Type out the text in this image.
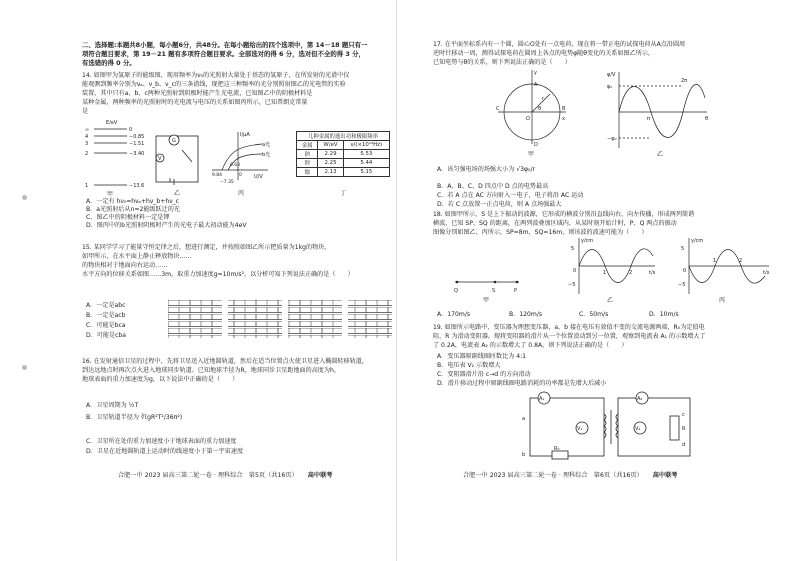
二、选择题:本题共8小题，每小题6分，共48分。在每小题给出的四个选项中，第 14－18 题只有一
项符合题目要求，第 19－21 题有多项符合题目要求。全部选对的得 6 分，选对但不全的得 3 分，
有选错的得 0 分。
14. 如图甲为氢原子的能级图，现用频率为ν₀的光照射大量处于基态的氢原子，在所发射的光谱中仅
能观测到频率分别为νₐ、ν_b、ν_c的三条谱线，现把这三种频率的光分别照射图乙的光电管的实验
装置，其中只有a、b、c两种光照射到阴极时能产生光电流，已知图乙中的阴极材料是
某种金属，两种频率的光照射时的光电流与电压的关系如图丙所示，已知普朗克常量
是
E/eV
∞	0
4	−0.85
3	−1.51
2	−3.40
1	−13.6
甲
G
V
乙
I/μA
U/V
a光
b光
0.63
9.84
−7.35
0
丙
几种金属的逸出功和极限频率		
金属	W/eV	ν/(×10¹⁴Hz)
钠	2.29	5.53
钾	2.25	5.44
铷	2.13	5.15
丁
A．一定有 hν₀=hνₐ+hν_b+hν_c
B．a光照射后从n=2能级跃迁的光
C．图乙中的阴极材料一定是钾
D．图丙中的b光照射阴极时产生的光电子最大初动能为4eV
15. 某同学学习了能量守恒定律之后，想进行测定，并按照如图乙所示把质量为1kg的物块，
如甲所示，在水平面上静止释放物块……
的物块相对于地面向右运动……
水平方向的位移关系如图……3m，取重力加速度g=10m/s²，以分析可知下列说法正确的是（　　）
A．一定是abc
B．一定是acb
C．可能是bca
D．可能是cba
16. 在发射通信卫星的过程中，先将卫星送入近地圆轨道，然后在适当位置点火使卫星进入椭圆转移轨道，
到达远地点时再次点火进入地球同步轨道。已知地球半径为R，地球同步卫星距地面的高度为h，
地球表面的重力加速度为g，以下说法中正确的是（　　）
A．卫星周期为 ½T
B．卫星轨道半径为 ∛(gR²T²/36π²)
C．卫星所在处的重力加速度小于地球表面的重力加速度
D．卫星在近地圆轨道上运动时的线速度小于第一宇宙速度
合肥一中 2023 届高三第二轮一卷 · 理科综合　第5页（共16页） 高中联考
17. 在平面坐标系内有一个圆，圆心O处有一点电荷，现在将一带正电的试探电荷从A点沿圆周
逆时针移动一周，测得试探电荷在圆周上各点的电势φ随θ变化的关系如图乙所示，
已知电势与θ的关系，则下列说法正确的是（　　）
y
x
A
B
C
D
O
θ
r
甲
φ/V
φ₀
−φ₀
θ
π
2π
乙
A．该匀强电场的场强大小为 √3φ₀/r
B．A、B、C、D 四点中 D 点的电势最高
C．若 A 点在 AC 方向射入一电子，电子将沿 AC 运动
D．若 C 点放置一正点电荷，则 A 点场强最大
18. 如图甲所示，S 是上下振动的波源，它形成的横波分别沿直线向右、向左传播，形成两列简谐
横波，已知 SP、SQ 的距离，在两列波叠加区域内，从某时刻开始计时，P、Q 两点的振动
图像分别如图乙、丙所示，SP=8m，SQ=16m，则该波的波速可能为（　　）
Q	S	P
甲
y/cm
t/s
5
−5
0	1	2
乙
y/cm
t/s
5
−5
0
1	2
丙
A．170m/s	B．120m/s	C．50m/s	D．10m/s
19. 如图所示电路中，变压器为理想变压器，a、b 接在电压有效值不变的交流电源两端，R₀为定值电
阻，R 为滑动变阻器。现将变阻器的滑片从一个位置滑动到另一位置，观察到电流表 A₁ 的示数增大了
了 0.2A，电流表 A₂ 的示数增大了 0.8A，则下列说法正确的是（　　）
A．变压器原副线圈匝数比为 4:1
B．电压表 V₂ 示数增大
C．变阻器滑片沿 c→d 的方向滑动
D．滑片移动过程中原副线圈电路消耗的功率都是先增大后减小
A₁	A₂
V₁	V₂
R₀
R
a
b
c
d
合肥一中 2023 届高三第二轮一卷 · 理科综合　第6页（共16页） 高中联考
